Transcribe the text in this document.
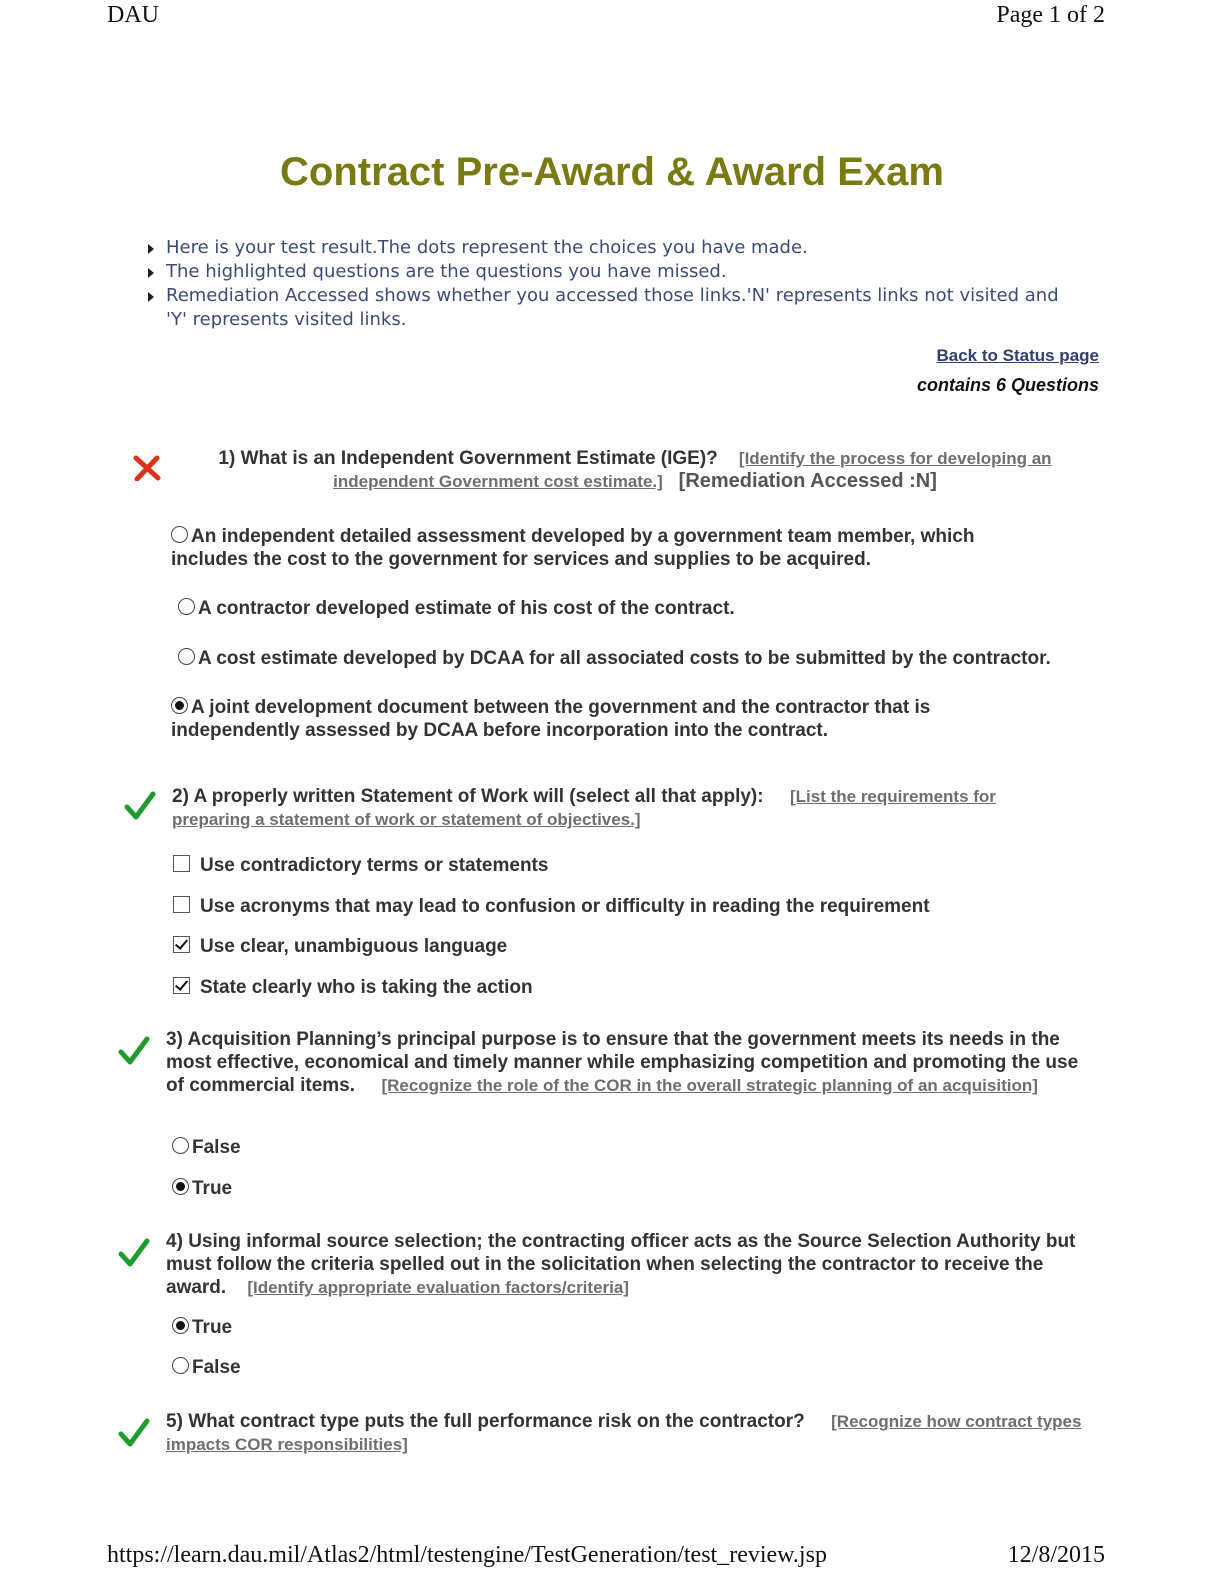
DAU	Page 1 of 2
https://learn.dau.mil/Atlas2/html/testengine/TestGeneration/test_review.jsp	12/8/2015
Contract Pre-Award & Award Exam
Here is your test result.The dots represent the choices you have made.
The highlighted questions are the questions you have missed.
Remediation Accessed shows whether you accessed those links.'N' represents links not visited and 'Y' represents visited links.
Back to Status page
contains 6 Questions
1) What is an Independent Government Estimate (IGE)? [Identify the process for developing an independent Government cost estimate.] [Remediation Accessed :N]
An independent detailed assessment developed by a government team member, which includes the cost to the government for services and supplies to be acquired.
A contractor developed estimate of his cost of the contract.
A cost estimate developed by DCAA for all associated costs to be submitted by the contractor.
A joint development document between the government and the contractor that is independently assessed by DCAA before incorporation into the contract.
2) A properly written Statement of Work will (select all that apply): [List the requirements for preparing a statement of work or statement of objectives.]
Use contradictory terms or statements
Use acronyms that may lead to confusion or difficulty in reading the requirement
Use clear, unambiguous language
State clearly who is taking the action
3) Acquisition Planning’s principal purpose is to ensure that the government meets its needs in the most effective, economical and timely manner while emphasizing competition and promoting the use of commercial items. [Recognize the role of the COR in the overall strategic planning of an acquisition]
False
True
4) Using informal source selection; the contracting officer acts as the Source Selection Authority but must follow the criteria spelled out in the solicitation when selecting the contractor to receive the award. [Identify appropriate evaluation factors/criteria]
True
False
5) What contract type puts the full performance risk on the contractor? [Recognize how contract types impacts COR responsibilities]
